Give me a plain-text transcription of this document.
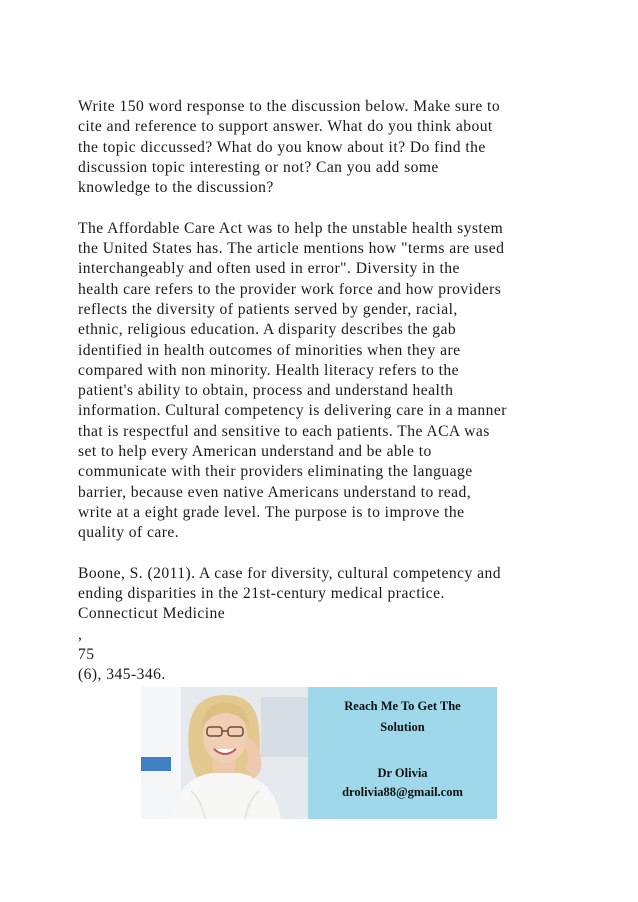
Write 150 word response to the discussion below. Make sure to
cite and reference to support answer. What do you think about
the topic diccussed? What do you know about it? Do find the
discussion topic interesting or not? Can you add some
knowledge to the discussion?

The Affordable Care Act was to help the unstable health system
the United States has. The article mentions how "terms are used
interchangeably and often used in error". Diversity in the
health care refers to the provider work force and how providers
reflects the diversity of patients served by gender, racial,
ethnic, religious education. A disparity describes the gab
identified in health outcomes of minorities when they are
compared with non minority. Health literacy refers to the
patient's ability to obtain, process and understand health
information. Cultural competency is delivering care in a manner
that is respectful and sensitive to each patients. The ACA was
set to help every American understand and be able to
communicate with their providers eliminating the language
barrier, because even native Americans understand to read,
write at a eight grade level. The purpose is to improve the
quality of care.

Boone, S. (2011). A case for diversity, cultural competency and
ending disparities in the 21st-century medical practice.
Connecticut Medicine

,

75

(6), 345-346.

Reach Me To Get The
Solution
Dr Olivia
drolivia88@gmail.com
